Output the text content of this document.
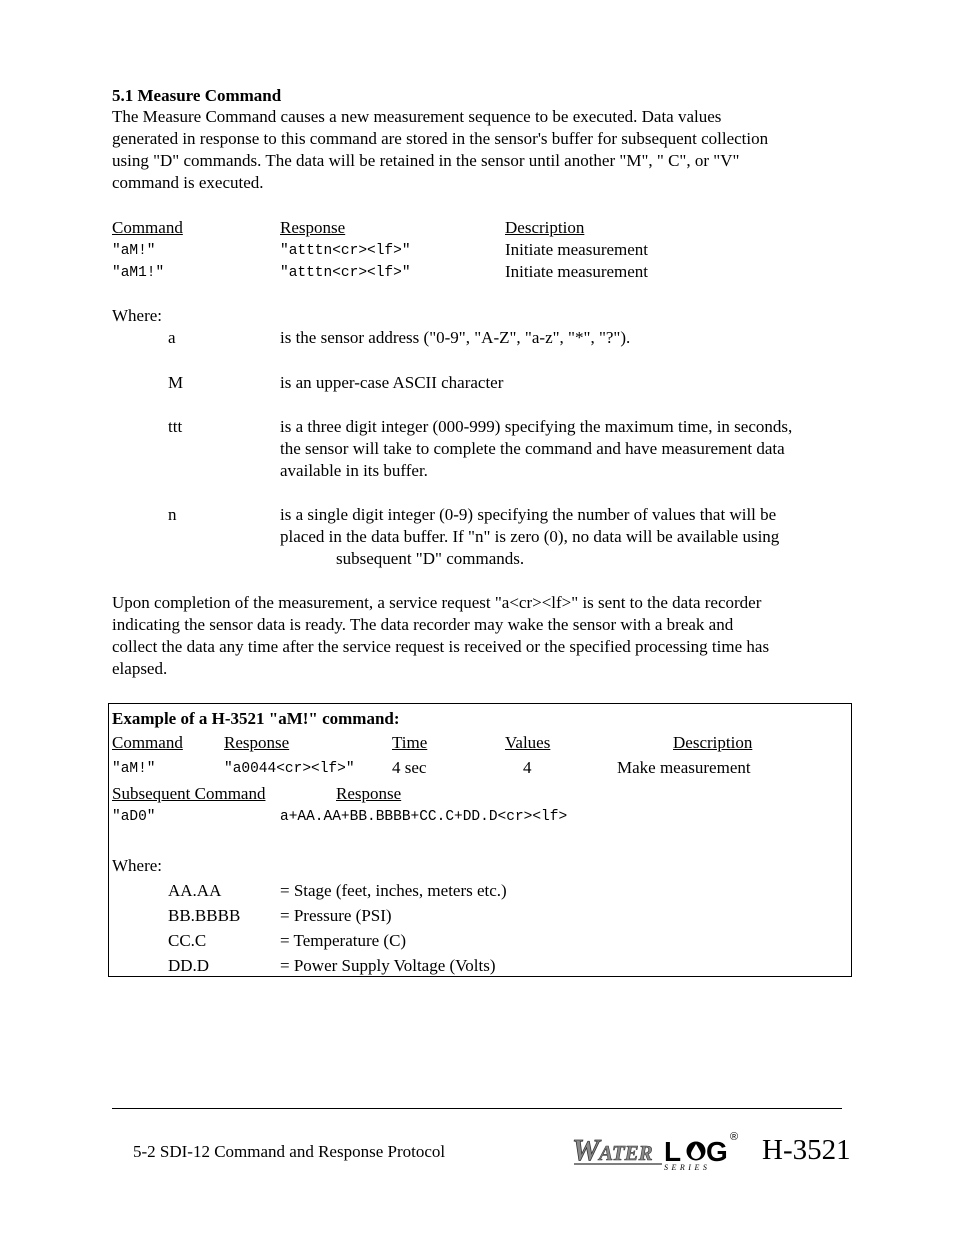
5.1 Measure Command
The Measure Command causes a new measurement sequence to be executed. Data values
generated in response to this command are stored in the sensor's buffer for subsequent collection
using "D" commands. The data will be retained in the sensor until another "M", " C", or "V"
command is executed.
Command	Response	Description
"aM!"	"atttn<cr><lf>"	Initiate measurement
"aM1!"	"atttn<cr><lf>"	Initiate measurement
Where:
a	is the sensor address ("0-9", "A-Z", "a-z", "*", "?").
M	is an upper-case ASCII character
ttt	is a three digit integer (000-999) specifying the maximum time, in seconds,
the sensor will take to complete the command and have measurement data
available in its buffer.
n	is a single digit integer (0-9) specifying the number of values that will be
placed in the data buffer. If "n" is zero (0), no data will be available using
subsequent "D" commands.
Upon completion of the measurement, a service request "a<cr><lf>" is sent to the data recorder
indicating the sensor data is ready. The data recorder may wake the sensor with a break and
collect the data any time after the service request is received or the specified processing time has
elapsed.
Example of a H-3521 "aM!" command:
Command Response	Time	Values	Description
"aM!"	"a0044<cr><lf>" 4 sec	4	Make measurement
Subsequent Command	Response
"aD0"	a+AA.AA+BB.BBBB+CC.C+DD.D<cr><lf>
Where:
AA.AA	= Stage (feet, inches, meters etc.)
BB.BBBB = Pressure (PSI)
CC.C	= Temperature (C)
DD.D	= Power Supply Voltage (Volts)
5-2 SDI-12 Command and Response Protocol	W ATER L G
SERIES
® H-3521
